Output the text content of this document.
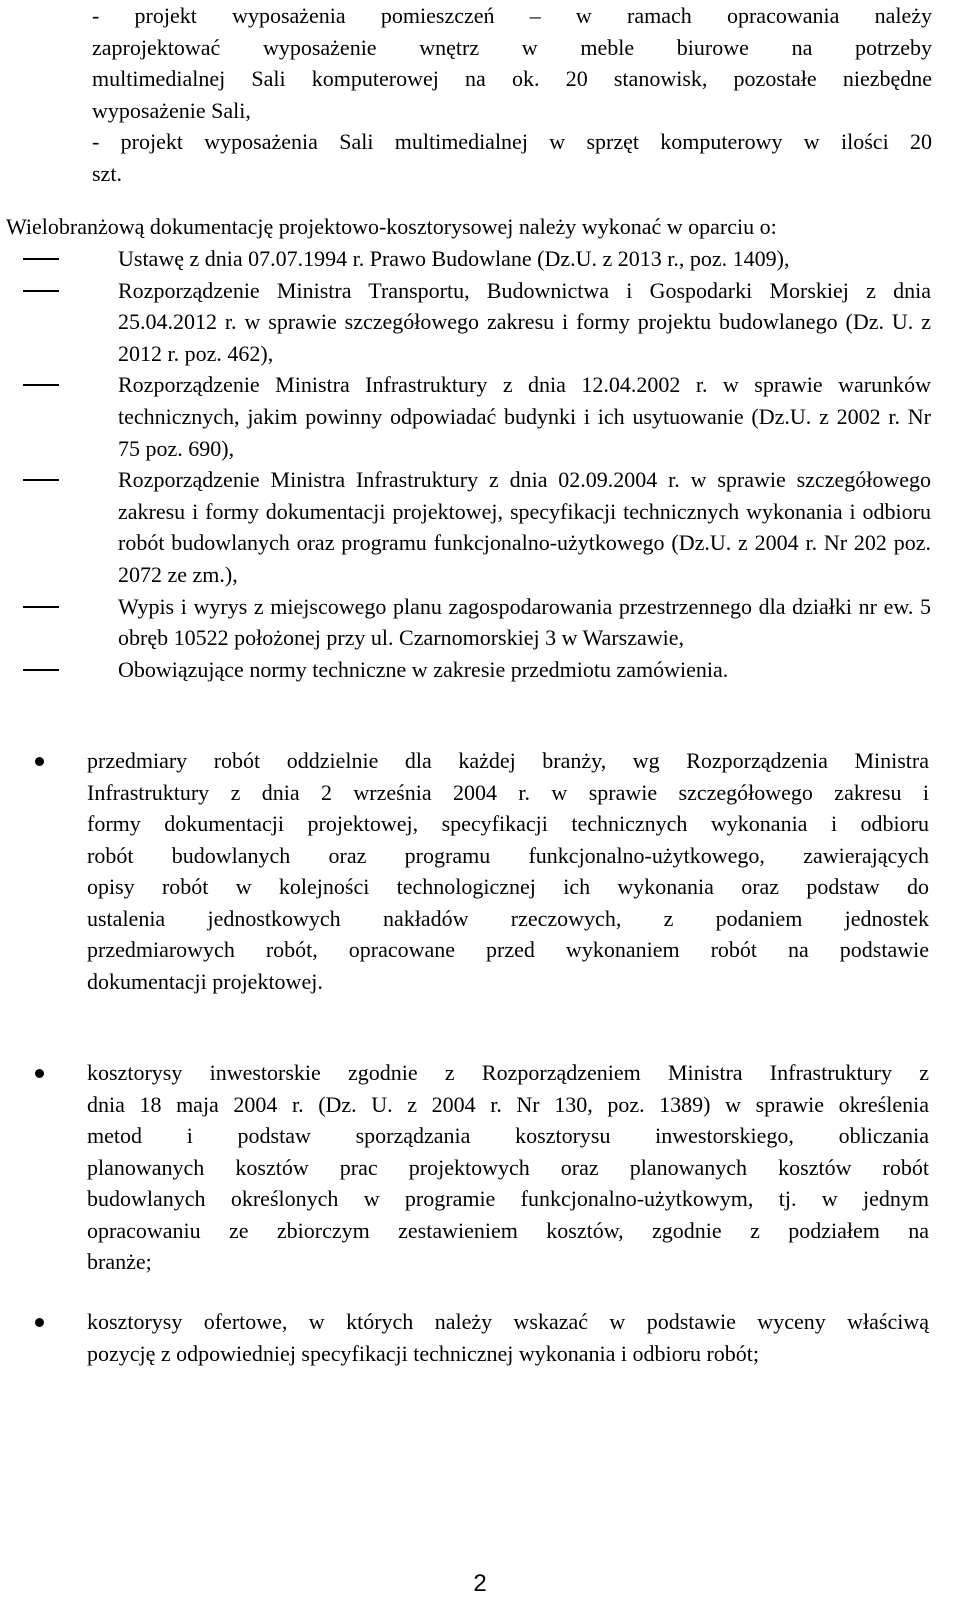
- projekt wyposażenia pomieszczeń – w ramach opracowania należy
zaprojektować wyposażenie wnętrz w meble biurowe na potrzeby
multimedialnej Sali komputerowej na ok. 20 stanowisk, pozostałe niezbędne
wyposażenie Sali,
- projekt wyposażenia Sali multimedialnej w sprzęt komputerowy w ilości 20
szt.
Wielobranżową dokumentację projektowo-kosztorysowej należy wykonać w oparciu o:
Ustawę z dnia 07.07.1994 r. Prawo Budowlane (Dz.U. z 2013 r., poz. 1409),
Rozporządzenie Ministra Transportu, Budownictwa i Gospodarki Morskiej z dnia 25.04.2012 r. w sprawie szczegółowego zakresu i formy projektu budowlanego (Dz. U. z 2012 r. poz. 462),
Rozporządzenie Ministra Infrastruktury z dnia 12.04.2002 r. w sprawie warunków technicznych, jakim powinny odpowiadać budynki i ich usytuowanie (Dz.U. z 2002 r. Nr 75 poz. 690),
Rozporządzenie Ministra Infrastruktury z dnia 02.09.2004 r. w sprawie szczegółowego zakresu i formy dokumentacji projektowej, specyfikacji technicznych wykonania i odbioru robót budowlanych oraz programu funkcjonalno-użytkowego (Dz.U. z 2004 r. Nr 202 poz. 2072 ze zm.),
Wypis i wyrys z miejscowego planu zagospodarowania przestrzennego dla działki nr ew. 5 obręb 10522 położonej przy ul. Czarnomorskiej 3 w Warszawie,
Obowiązujące normy techniczne w zakresie przedmiotu zamówienia.
przedmiary robót oddzielnie dla każdej branży, wg Rozporządzenia Ministra
Infrastruktury z dnia 2 września 2004 r. w sprawie szczegółowego zakresu i
formy dokumentacji projektowej, specyfikacji technicznych wykonania i odbioru
robót budowlanych oraz programu funkcjonalno-użytkowego, zawierających
opisy robót w kolejności technologicznej ich wykonania oraz podstaw do
ustalenia jednostkowych nakładów rzeczowych, z podaniem jednostek
przedmiarowych robót, opracowane przed wykonaniem robót na podstawie
dokumentacji projektowej.
kosztorysy inwestorskie zgodnie z Rozporządzeniem Ministra Infrastruktury z
dnia 18 maja 2004 r. (Dz. U. z 2004 r. Nr 130, poz. 1389) w sprawie określenia
metod i podstaw sporządzania kosztorysu inwestorskiego, obliczania
planowanych kosztów prac projektowych oraz planowanych kosztów robót
budowlanych określonych w programie funkcjonalno-użytkowym, tj. w jednym
opracowaniu ze zbiorczym zestawieniem kosztów, zgodnie z podziałem na
branże;
kosztorysy ofertowe, w których należy wskazać w podstawie wyceny właściwą
pozycję z odpowiedniej specyfikacji technicznej wykonania i odbioru robót;
2
